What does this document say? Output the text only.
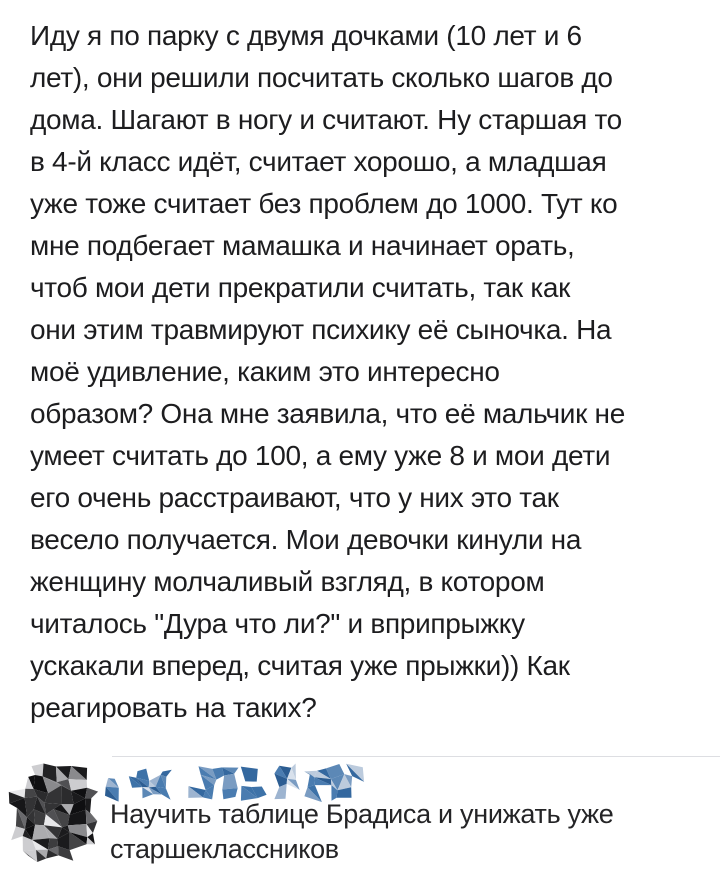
Иду я по парку с двумя дочками (10 лет и 6
лет), они решили посчитать сколько шагов до
дома. Шагают в ногу и считают. Ну старшая то
в 4-й класс идёт, считает хорошо, а младшая
уже тоже считает без проблем до 1000. Тут ко
мне подбегает мамашка и начинает орать,
чтоб мои дети прекратили считать, так как
они этим травмируют психику её сыночка. На
моё удивление, каким это интересно
образом? Она мне заявила, что её мальчик не
умеет считать до 100, а ему уже 8 и мои дети
его очень расстраивают, что у них это так
весело получается. Мои девочки кинули на
женщину молчаливый взгляд, в котором
читалось "Дура что ли?" и вприпрыжку
ускакали вперед, считая уже прыжки)) Как
реагировать на таких?
Научить таблице Брадиса и унижать уже
старшеклассников
